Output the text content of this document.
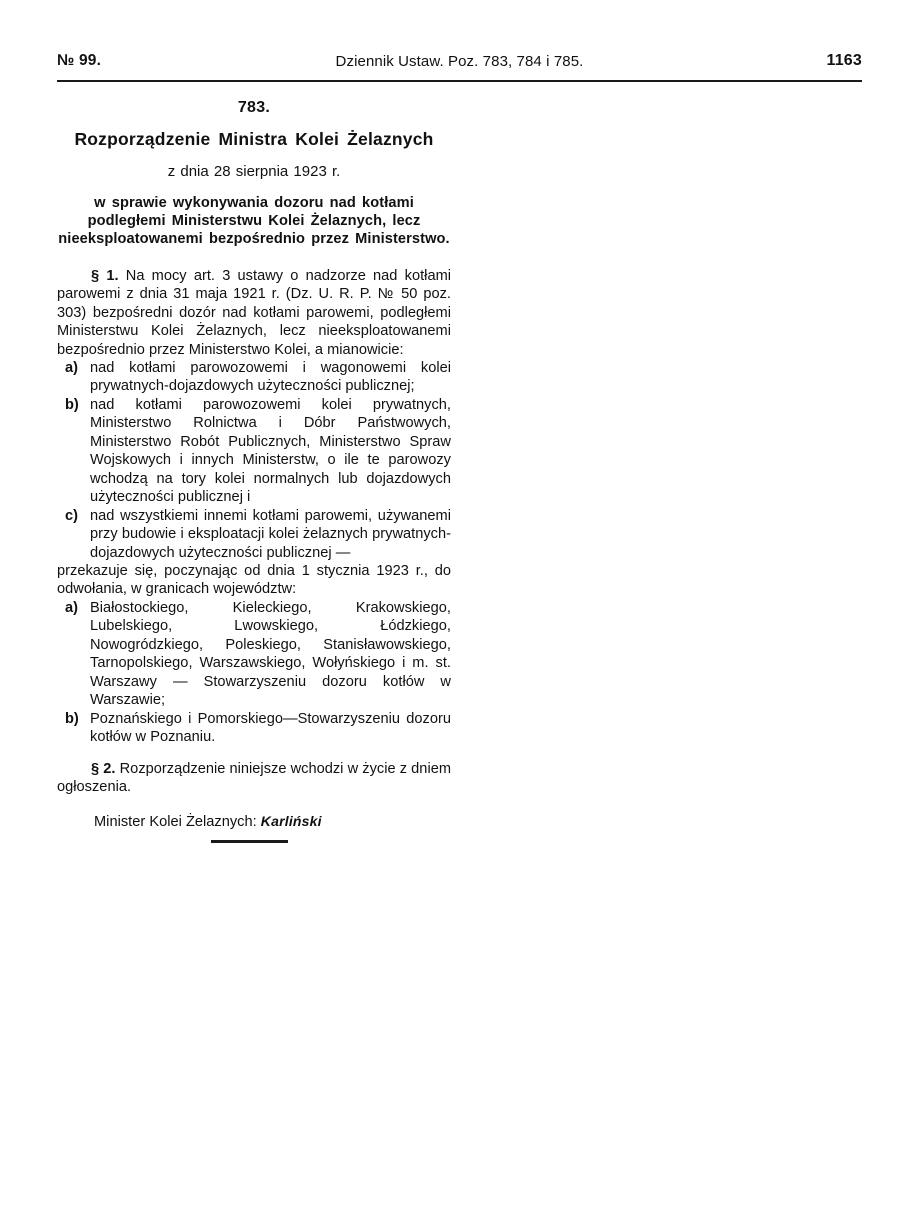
№ 99.	Dziennik Ustaw. Poz. 783, 784 i 785.	1163
783.
Rozporządzenie Ministra Kolei Żelaznych
z dnia 28 sierpnia 1923 r.
w sprawie wykonywania dozoru nad kotłami podległemi Ministerstwu Kolei Żelaznych, lecz nieeksploatowanemi bezpośrednio przez Ministerstwo.

§ 1. Na mocy art. 3 ustawy o nadzorze nad kotłami parowemi z dnia 31 maja 1921 r. (Dz. U. R. P. № 50 poz. 303) bezpośredni dozór nad kotłami parowemi, podległemi Ministerstwu Kolei Żelaznych, lecz nieeksploatowanemi bezpośrednio przez Ministerstwo Kolei, a mianowicie:

a) nad kotłami parowozowemi i wagonowemi kolei prywatnych-dojazdowych użyteczności publicznej;
b) nad kotłami parowozowemi kolei prywatnych, Ministerstwo Rolnictwa i Dóbr Państwowych, Ministerstwo Robót Publicznych, Ministerstwo Spraw Wojskowych i innych Ministerstw, o ile te parowozy wchodzą na tory kolei normalnych lub dojazdowych użyteczności publicznej i
c) nad wszystkiemi innemi kotłami parowemi, używanemi przy budowie i eksploatacji kolei żelaznych prywatnych-dojazdowych użyteczności publicznej —

przekazuje się, poczynając od dnia 1 stycznia 1923 r., do odwołania, w granicach województw:

a) Białostockiego, Kieleckiego, Krakowskiego, Lubelskiego, Lwowskiego, Łódzkiego, Nowogródzkiego, Poleskiego, Stanisławowskiego, Tarnopolskiego, Warszawskiego, Wołyńskiego i m. st. Warszawy — Stowarzyszeniu dozoru kotłów w Warszawie;
b) Poznańskiego i Pomorskiego—Stowarzyszeniu dozoru kotłów w Poznaniu.

§ 2. Rozporządzenie niniejsze wchodzi w życie z dniem ogłoszenia.

Minister Kolei Żelaznych: Karliński
